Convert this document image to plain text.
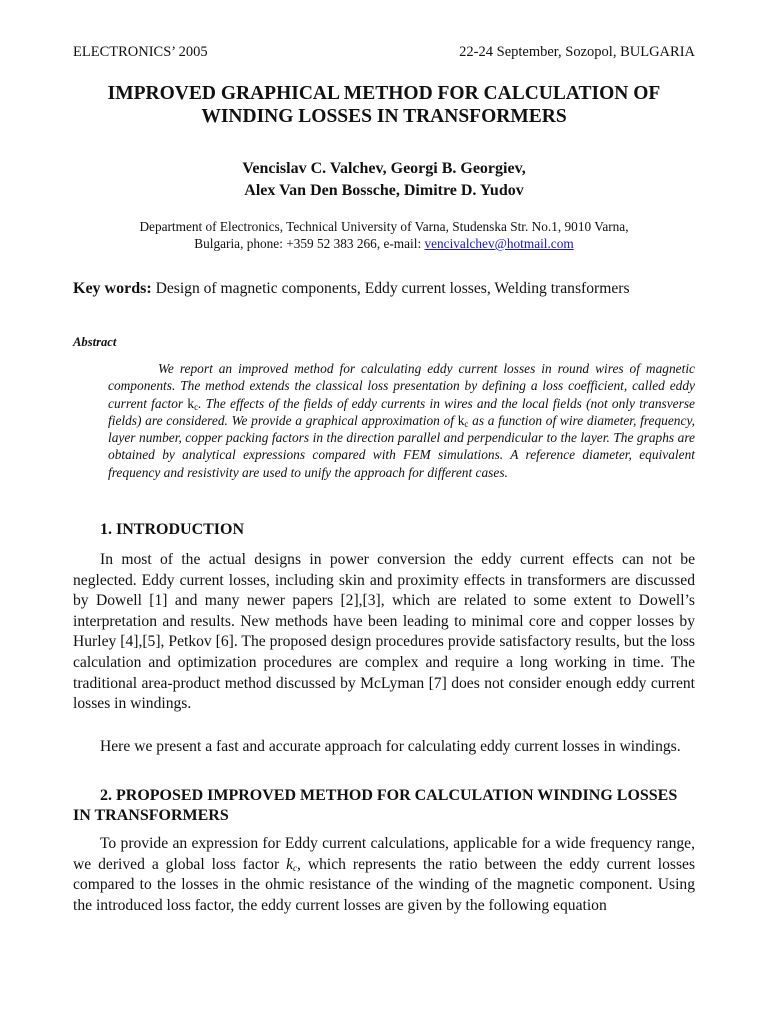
ELECTRONICS’ 2005	22-24 September, Sozopol, BULGARIA
IMPROVED GRAPHICAL METHOD FOR CALCULATION OF
WINDING LOSSES IN TRANSFORMERS
Vencislav C. Valchev, Georgi B. Georgiev,
Alex Van Den Bossche, Dimitre D. Yudov
Department of Electronics, Technical University of Varna, Studenska Str. No.1, 9010 Varna,
Bulgaria, phone: +359 52 383 266, e-mail: vencivalchev@hotmail.com
Key words: Design of magnetic components, Eddy current losses, Welding transformers
Abstract
We report an improved method for calculating eddy current losses in round wires of magnetic components. The method extends the classical loss presentation by defining a loss coefficient, called eddy current factor $k_c$. The effects of the fields of eddy currents in wires and the local fields (not only transverse fields) are considered. We provide a graphical approximation of $k_c$ as a function of wire diameter, frequency, layer number, copper packing factors in the direction parallel and perpendicular to the layer. The graphs are obtained by analytical expressions compared with FEM simulations. A reference diameter, equivalent frequency and resistivity are used to unify the approach for different cases.
1. INTRODUCTION
In most of the actual designs in power conversion the eddy current effects can not be neglected. Eddy current losses, including skin and proximity effects in transformers are discussed by Dowell [1] and many newer papers [2],[3], which are related to some extent to Dowell’s interpretation and results. New methods have been leading to minimal core and copper losses by Hurley [4],[5], Petkov [6]. The proposed design procedures provide satisfactory results, but the loss calculation and optimization procedures are complex and require a long working in time. The traditional area-product method discussed by McLyman [7] does not consider enough eddy current losses in windings.
Here we present a fast and accurate approach for calculating eddy current losses in windings.
2. PROPOSED IMPROVED METHOD FOR CALCULATION WINDING LOSSES IN TRANSFORMERS
To provide an expression for Eddy current calculations, applicable for a wide frequency range, we derived a global loss factor $k_c$, which represents the ratio between the eddy current losses compared to the losses in the ohmic resistance of the winding of the magnetic component. Using the introduced loss factor, the eddy current losses are given by the following equation
